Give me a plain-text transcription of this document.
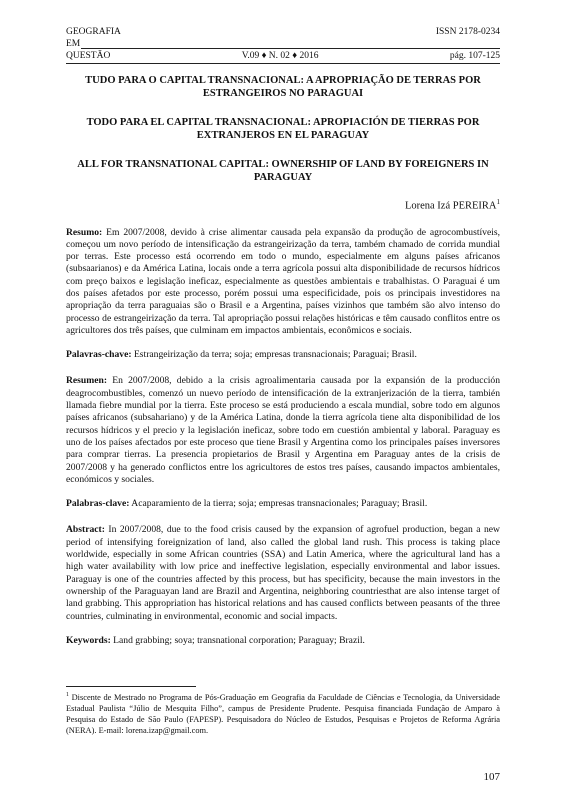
GEOGRAFIA	ISSN 2178-0234
EM
QUESTÃO	V.09 ♦ N. 02 ♦ 2016	pág. 107-125

TUDO PARA O CAPITAL TRANSNACIONAL: A APROPRIAÇÃO DE TERRAS POR ESTRANGEIROS NO PARAGUAI

TODO PARA EL CAPITAL TRANSNACIONAL: APROPIACIÓN DE TIERRAS POR EXTRANJEROS EN EL PARAGUAY

ALL FOR TRANSNATIONAL CAPITAL: OWNERSHIP OF LAND BY FOREIGNERS IN PARAGUAY

Lorena Izá PEREIRA$^1$

Resumo: Em 2007/2008, devido à crise alimentar causada pela expansão da produção de agrocombustíveis, começou um novo período de intensificação da estrangeirização da terra, também chamado de corrida mundial por terras. Este processo está ocorrendo em todo o mundo, especialmente em alguns países africanos (subsaarianos) e da América Latina, locais onde a terra agrícola possui alta disponibilidade de recursos hídricos com preço baixos e legislação ineficaz, especialmente as questões ambientais e trabalhistas. O Paraguai é um dos países afetados por este processo, porém possui uma especificidade, pois os principais investidores na apropriação da terra paraguaias são o Brasil e a Argentina, países vizinhos que também são alvo intenso do processo de estrangeirização da terra. Tal apropriação possui relações históricas e têm causado conflitos entre os agricultores dos três países, que culminam em impactos ambientais, econômicos e sociais.

Palavras-chave: Estrangeirização da terra; soja; empresas transnacionais; Paraguai; Brasil.

Resumen: En 2007/2008, debido a la crisis agroalimentaria causada por la expansión de la producción deagrocombustibles, comenzó un nuevo período de intensificación de la extranjerización de la tierra, también llamada fiebre mundial por la tierra. Este proceso se está produciendo a escala mundial, sobre todo em algunos países africanos (subsahariano) y de la América Latina, donde la tierra agrícola tiene alta disponibilidad de los recursos hídricos y el precio y la legislación ineficaz, sobre todo em cuestión ambiental y laboral. Paraguay es uno de los países afectados por este proceso que tiene Brasil y Argentina como los principales países inversores para comprar tierras. La presencia propietarios de Brasil y Argentina em Paraguay antes de la crisis de 2007/2008 y ha generado conflictos entre los agricultores de estos tres países, causando impactos ambientales, económicos y sociales.

Palabras-clave: Acaparamiento de la tierra; soja; empresas transnacionales; Paraguay; Brasil.

Abstract: In 2007/2008, due to the food crisis caused by the expansion of agrofuel production, began a new period of intensifying foreignization of land, also called the global land rush. This process is taking place worldwide, especially in some African countries (SSA) and Latin America, where the agricultural land has a high water availability with low price and ineffective legislation, especially environmental and labor issues. Paraguay is one of the countries affected by this process, but has specificity, because the main investors in the ownership of the Paraguayan land are Brazil and Argentina, neighboring countriesthat are also intense target of land grabbing. This appropriation has historical relations and has caused conflicts between peasants of the three countries, culminating in environmental, economic and social impacts.

Keywords: Land grabbing; soya; transnational corporation; Paraguay; Brazil.

$^1$ Discente de Mestrado no Programa de Pós-Graduação em Geografia da Faculdade de Ciências e Tecnologia, da Universidade Estadual Paulista “Júlio de Mesquita Filho”, campus de Presidente Prudente. Pesquisa financiada Fundação de Amparo à Pesquisa do Estado de São Paulo (FAPESP). Pesquisadora do Núcleo de Estudos, Pesquisas e Projetos de Reforma Agrária (NERA). E-mail: lorena.izap@gmail.com.
107
